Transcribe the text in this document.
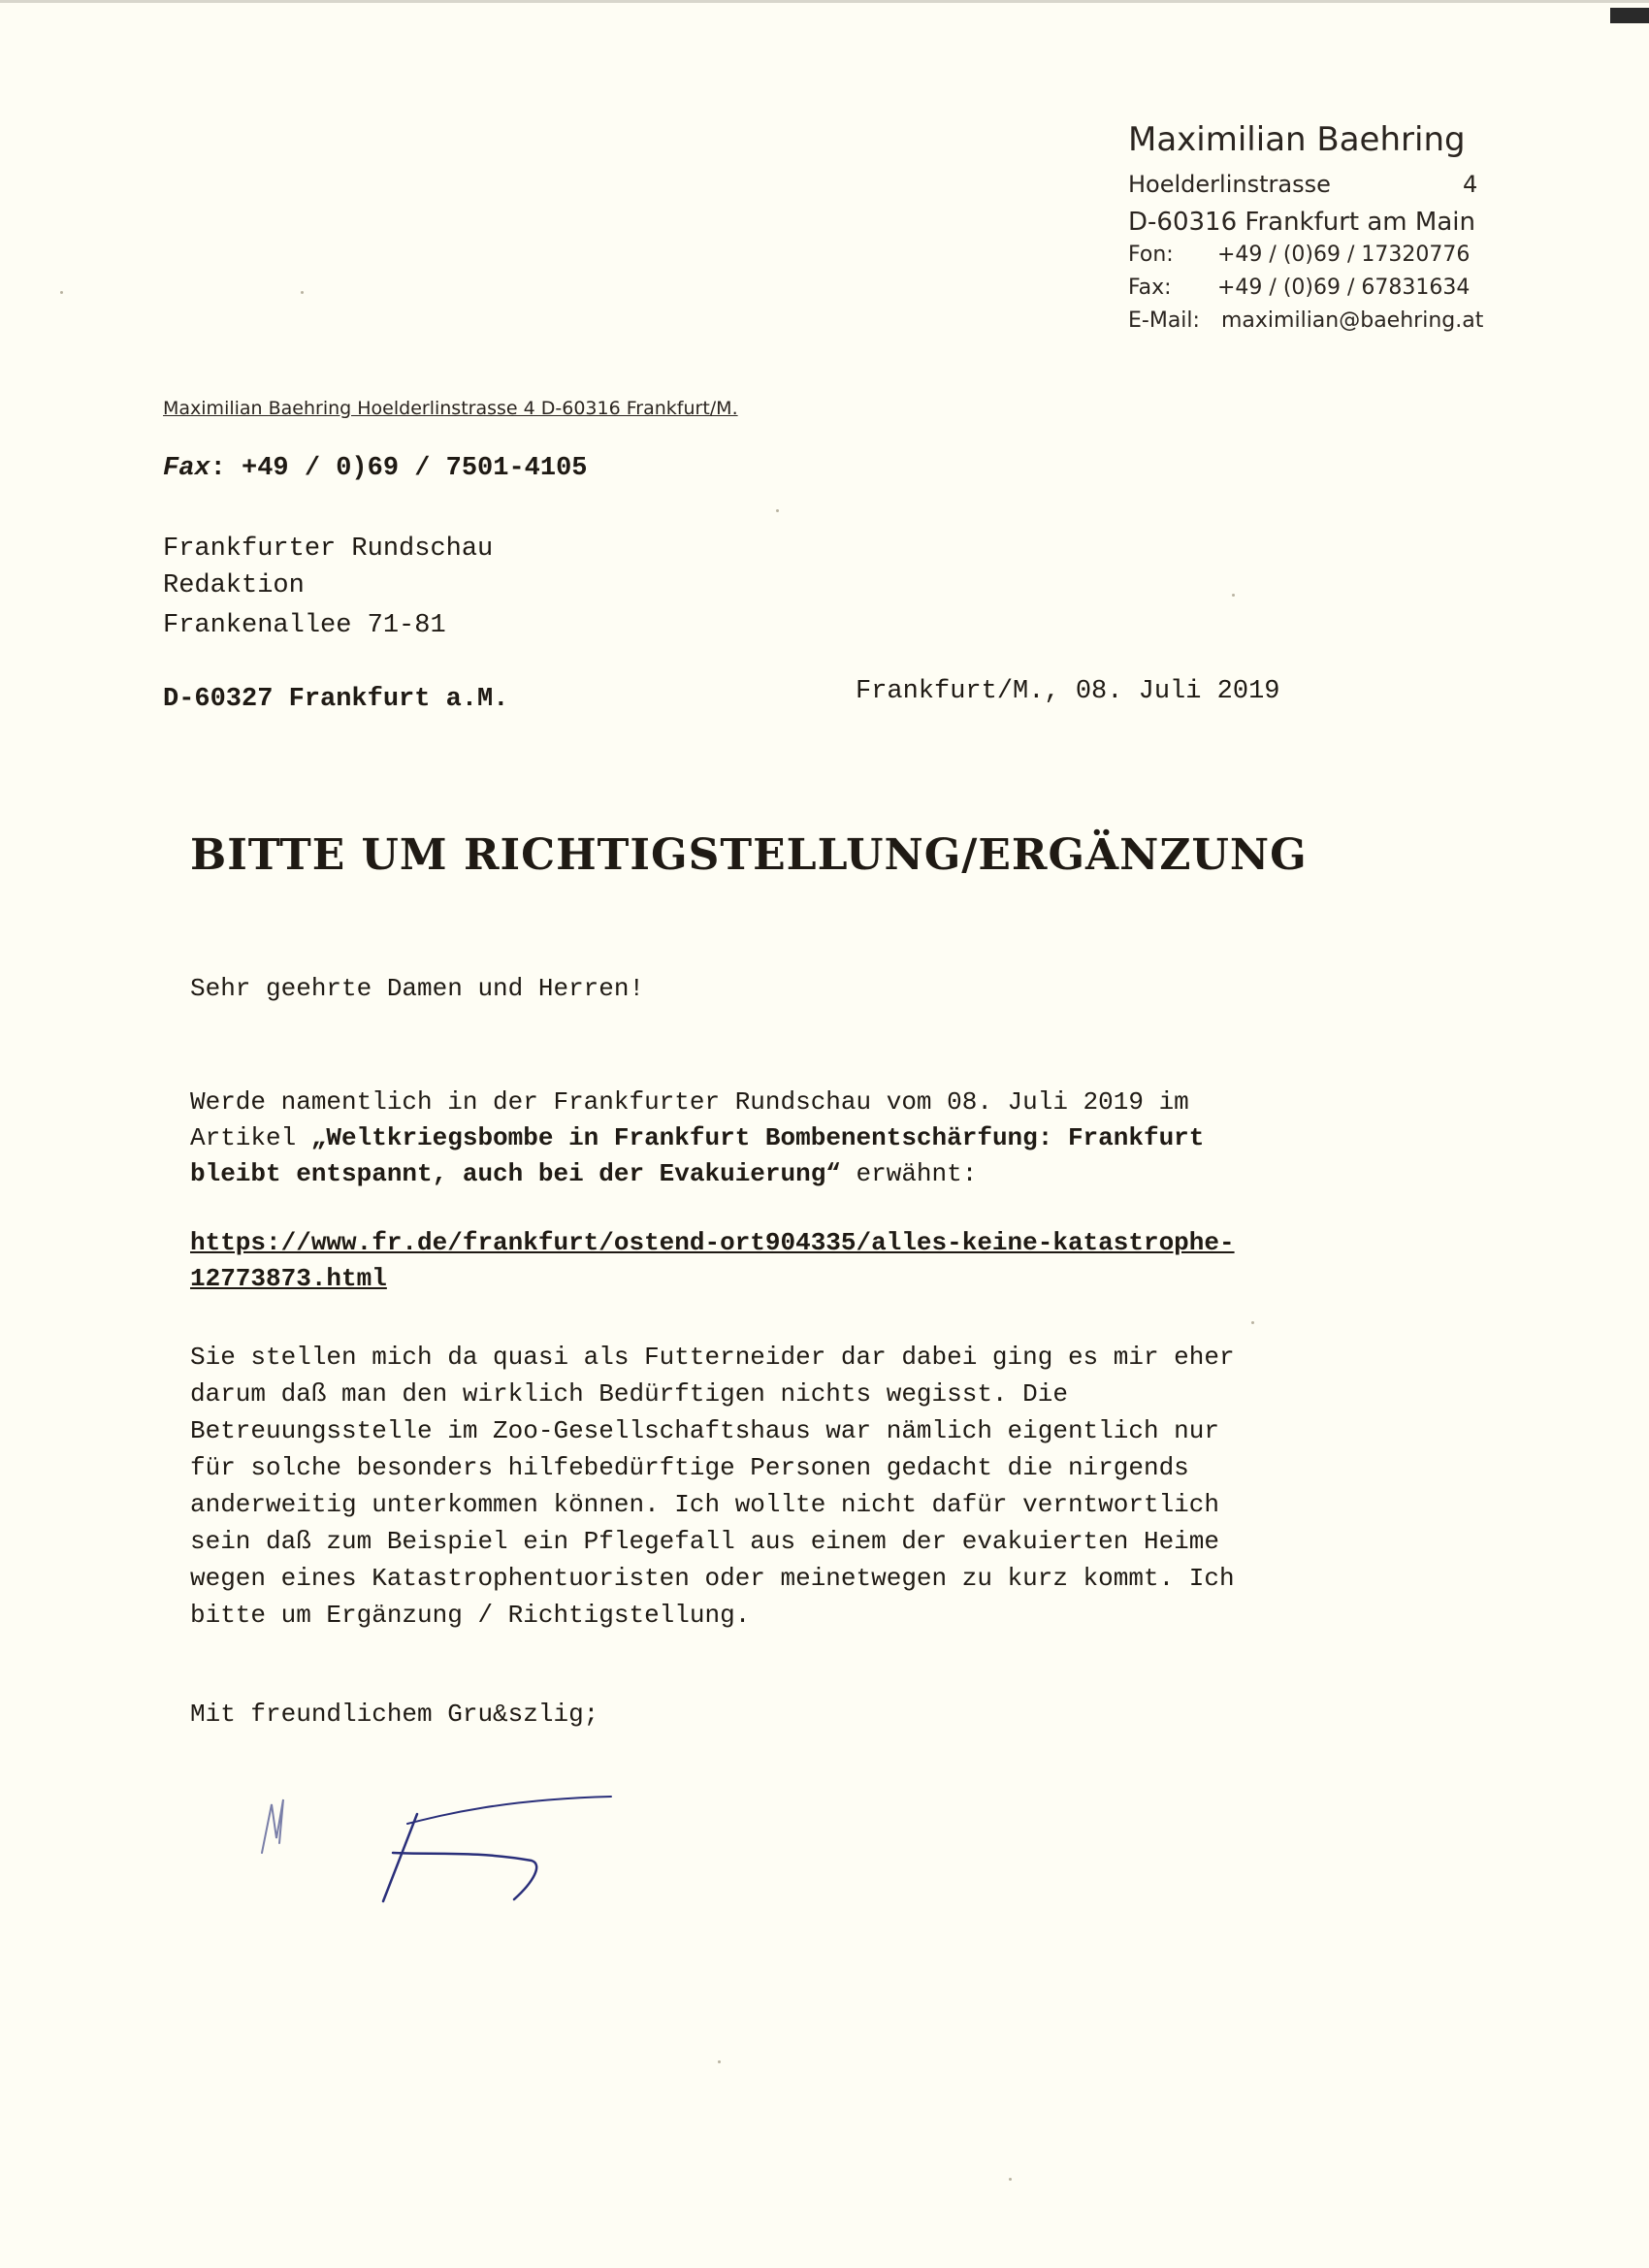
Maximilian Baehring
Hoelderlinstrasse	4
D-60316 Frankfurt am Main
Fon: +49 / (0)69 / 17320776
Fax: +49 / (0)69 / 67831634
E-Mail: maximilian@baehring.at
Maximilian Baehring Hoelderlinstrasse 4 D-60316 Frankfurt/M.
Fax: +49 / 0)69 / 7501-4105
Frankfurter Rundschau
Redaktion
Frankenallee 71-81
D-60327 Frankfurt a.M.	Frankfurt/M., 08. Juli 2019
BITTE UM RICHTIGSTELLUNG/ERGÄNZUNG
Sehr geehrte Damen und Herren!
Werde namentlich in der Frankfurter Rundschau vom 08. Juli 2019 im
Artikel „Weltkriegsbombe in Frankfurt Bombenentschärfung: Frankfurt
bleibt entspannt, auch bei der Evakuierung“ erwähnt:
https://www.fr.de/frankfurt/ostend-ort904335/alles-keine-katastrophe-
12773873.html
Sie stellen mich da quasi als Futterneider dar dabei ging es mir eher
darum daß man den wirklich Bedürftigen nichts wegisst. Die
Betreuungsstelle im Zoo-Gesellschaftshaus war nämlich eigentlich nur
für solche besonders hilfebedürftige Personen gedacht die nirgends
anderweitig unterkommen können. Ich wollte nicht dafür verntwortlich
sein daß zum Beispiel ein Pflegefall aus einem der evakuierten Heime
wegen eines Katastrophentuoristen oder meinetwegen zu kurz kommt. Ich
bitte um Ergänzung / Richtigstellung.
Mit freundlichem Gru&szlig;
